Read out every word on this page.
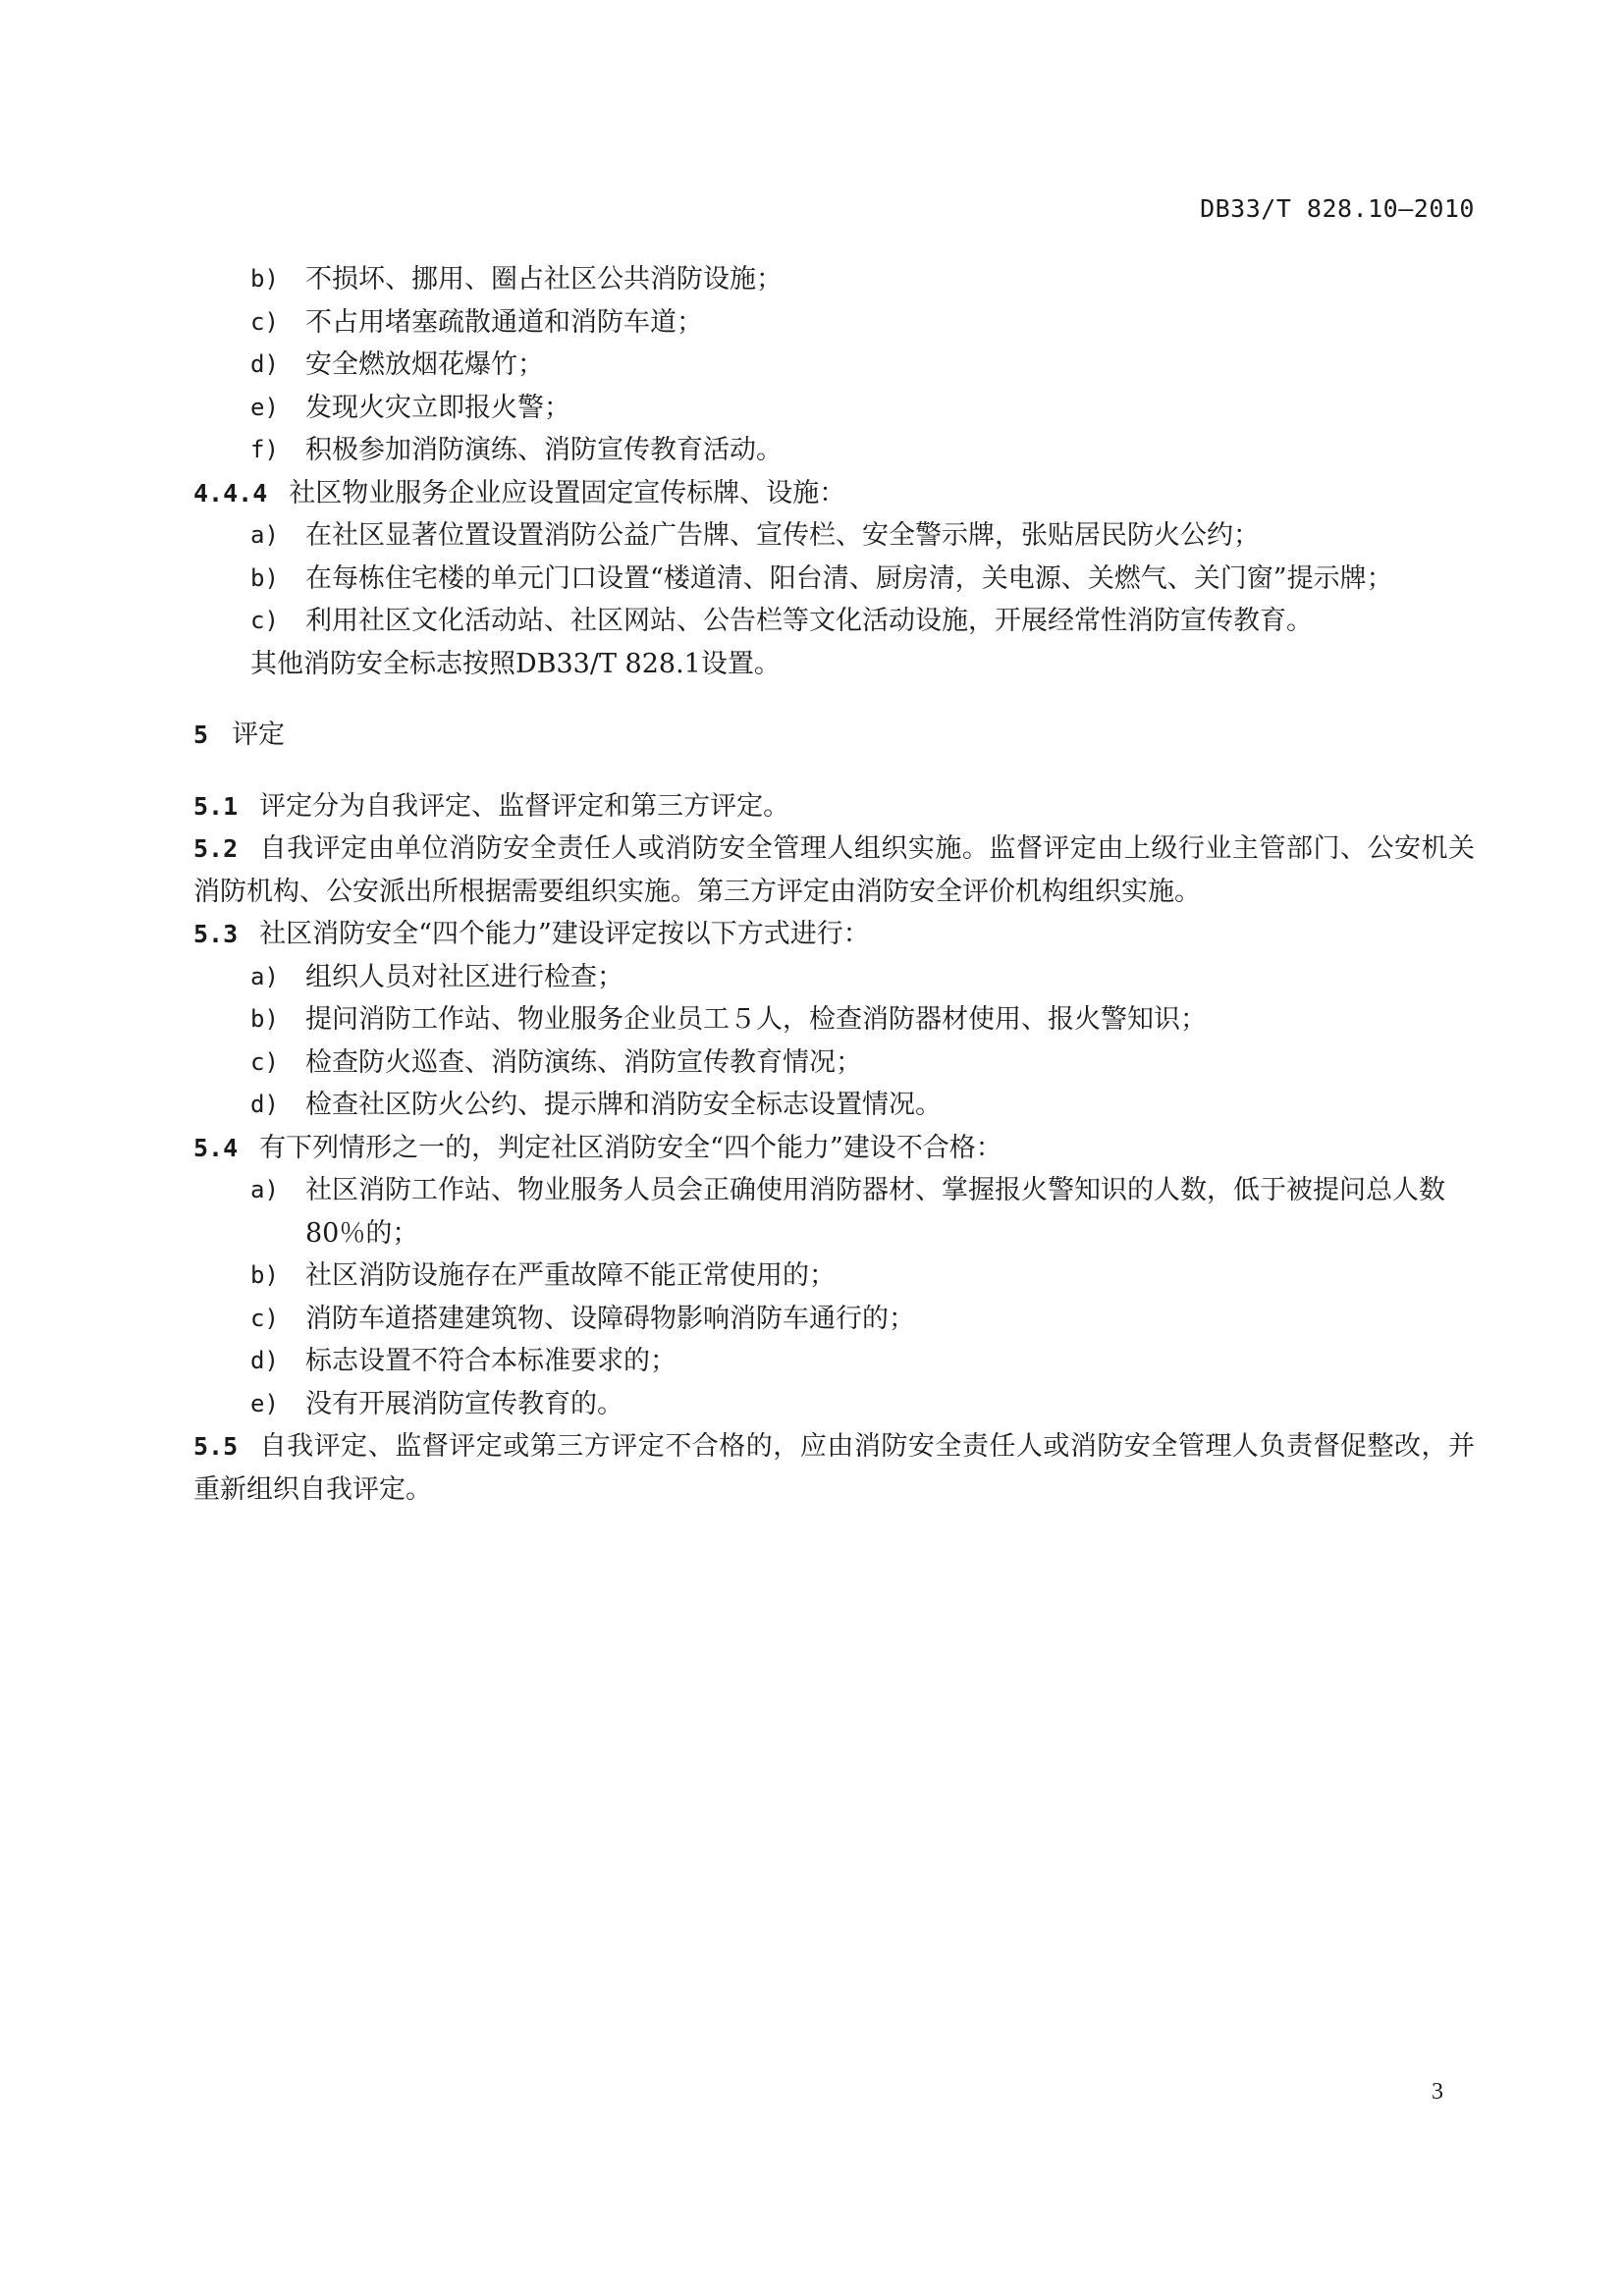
DB33/T 828.10—2010
b)	不损坏、挪用、圈占社区公共消防设施；
c)	不占用堵塞疏散通道和消防车道；
d)	安全燃放烟花爆竹；
e)	发现火灾立即报火警；
f)	积极参加消防演练、消防宣传教育活动。
4.4.4 社区物业服务企业应设置固定宣传标牌、设施：
a)	在社区显著位置设置消防公益广告牌、宣传栏、安全警示牌，张贴居民防火公约；
b)	在每栋住宅楼的单元门口设置“楼道清、阳台清、厨房清，关电源、关燃气、关门窗”提示牌；
c)	利用社区文化活动站、社区网站、公告栏等文化活动设施，开展经常性消防宣传教育。
其他消防安全标志按照DB33/T 828.1设置。
5 评定
5.1 评定分为自我评定、监督评定和第三方评定。
5.2 自我评定由单位消防安全责任人或消防安全管理人组织实施。监督评定由上级行业主管部门、公安机关消防机构、公安派出所根据需要组织实施。第三方评定由消防安全评价机构组织实施。
5.3 社区消防安全“四个能力”建设评定按以下方式进行：
a)	组织人员对社区进行检查；
b)	提问消防工作站、物业服务企业员工５人，检查消防器材使用、报火警知识；
c)	检查防火巡查、消防演练、消防宣传教育情况；
d)	检查社区防火公约、提示牌和消防安全标志设置情况。
5.4 有下列情形之一的，判定社区消防安全“四个能力”建设不合格：
a)	社区消防工作站、物业服务人员会正确使用消防器材、掌握报火警知识的人数，低于被提问总人数80％的；
b)	社区消防设施存在严重故障不能正常使用的；
c)	消防车道搭建建筑物、设障碍物影响消防车通行的；
d)	标志设置不符合本标准要求的；
e)	没有开展消防宣传教育的。
5.5 自我评定、监督评定或第三方评定不合格的，应由消防安全责任人或消防安全管理人负责督促整改，并重新组织自我评定。
3
